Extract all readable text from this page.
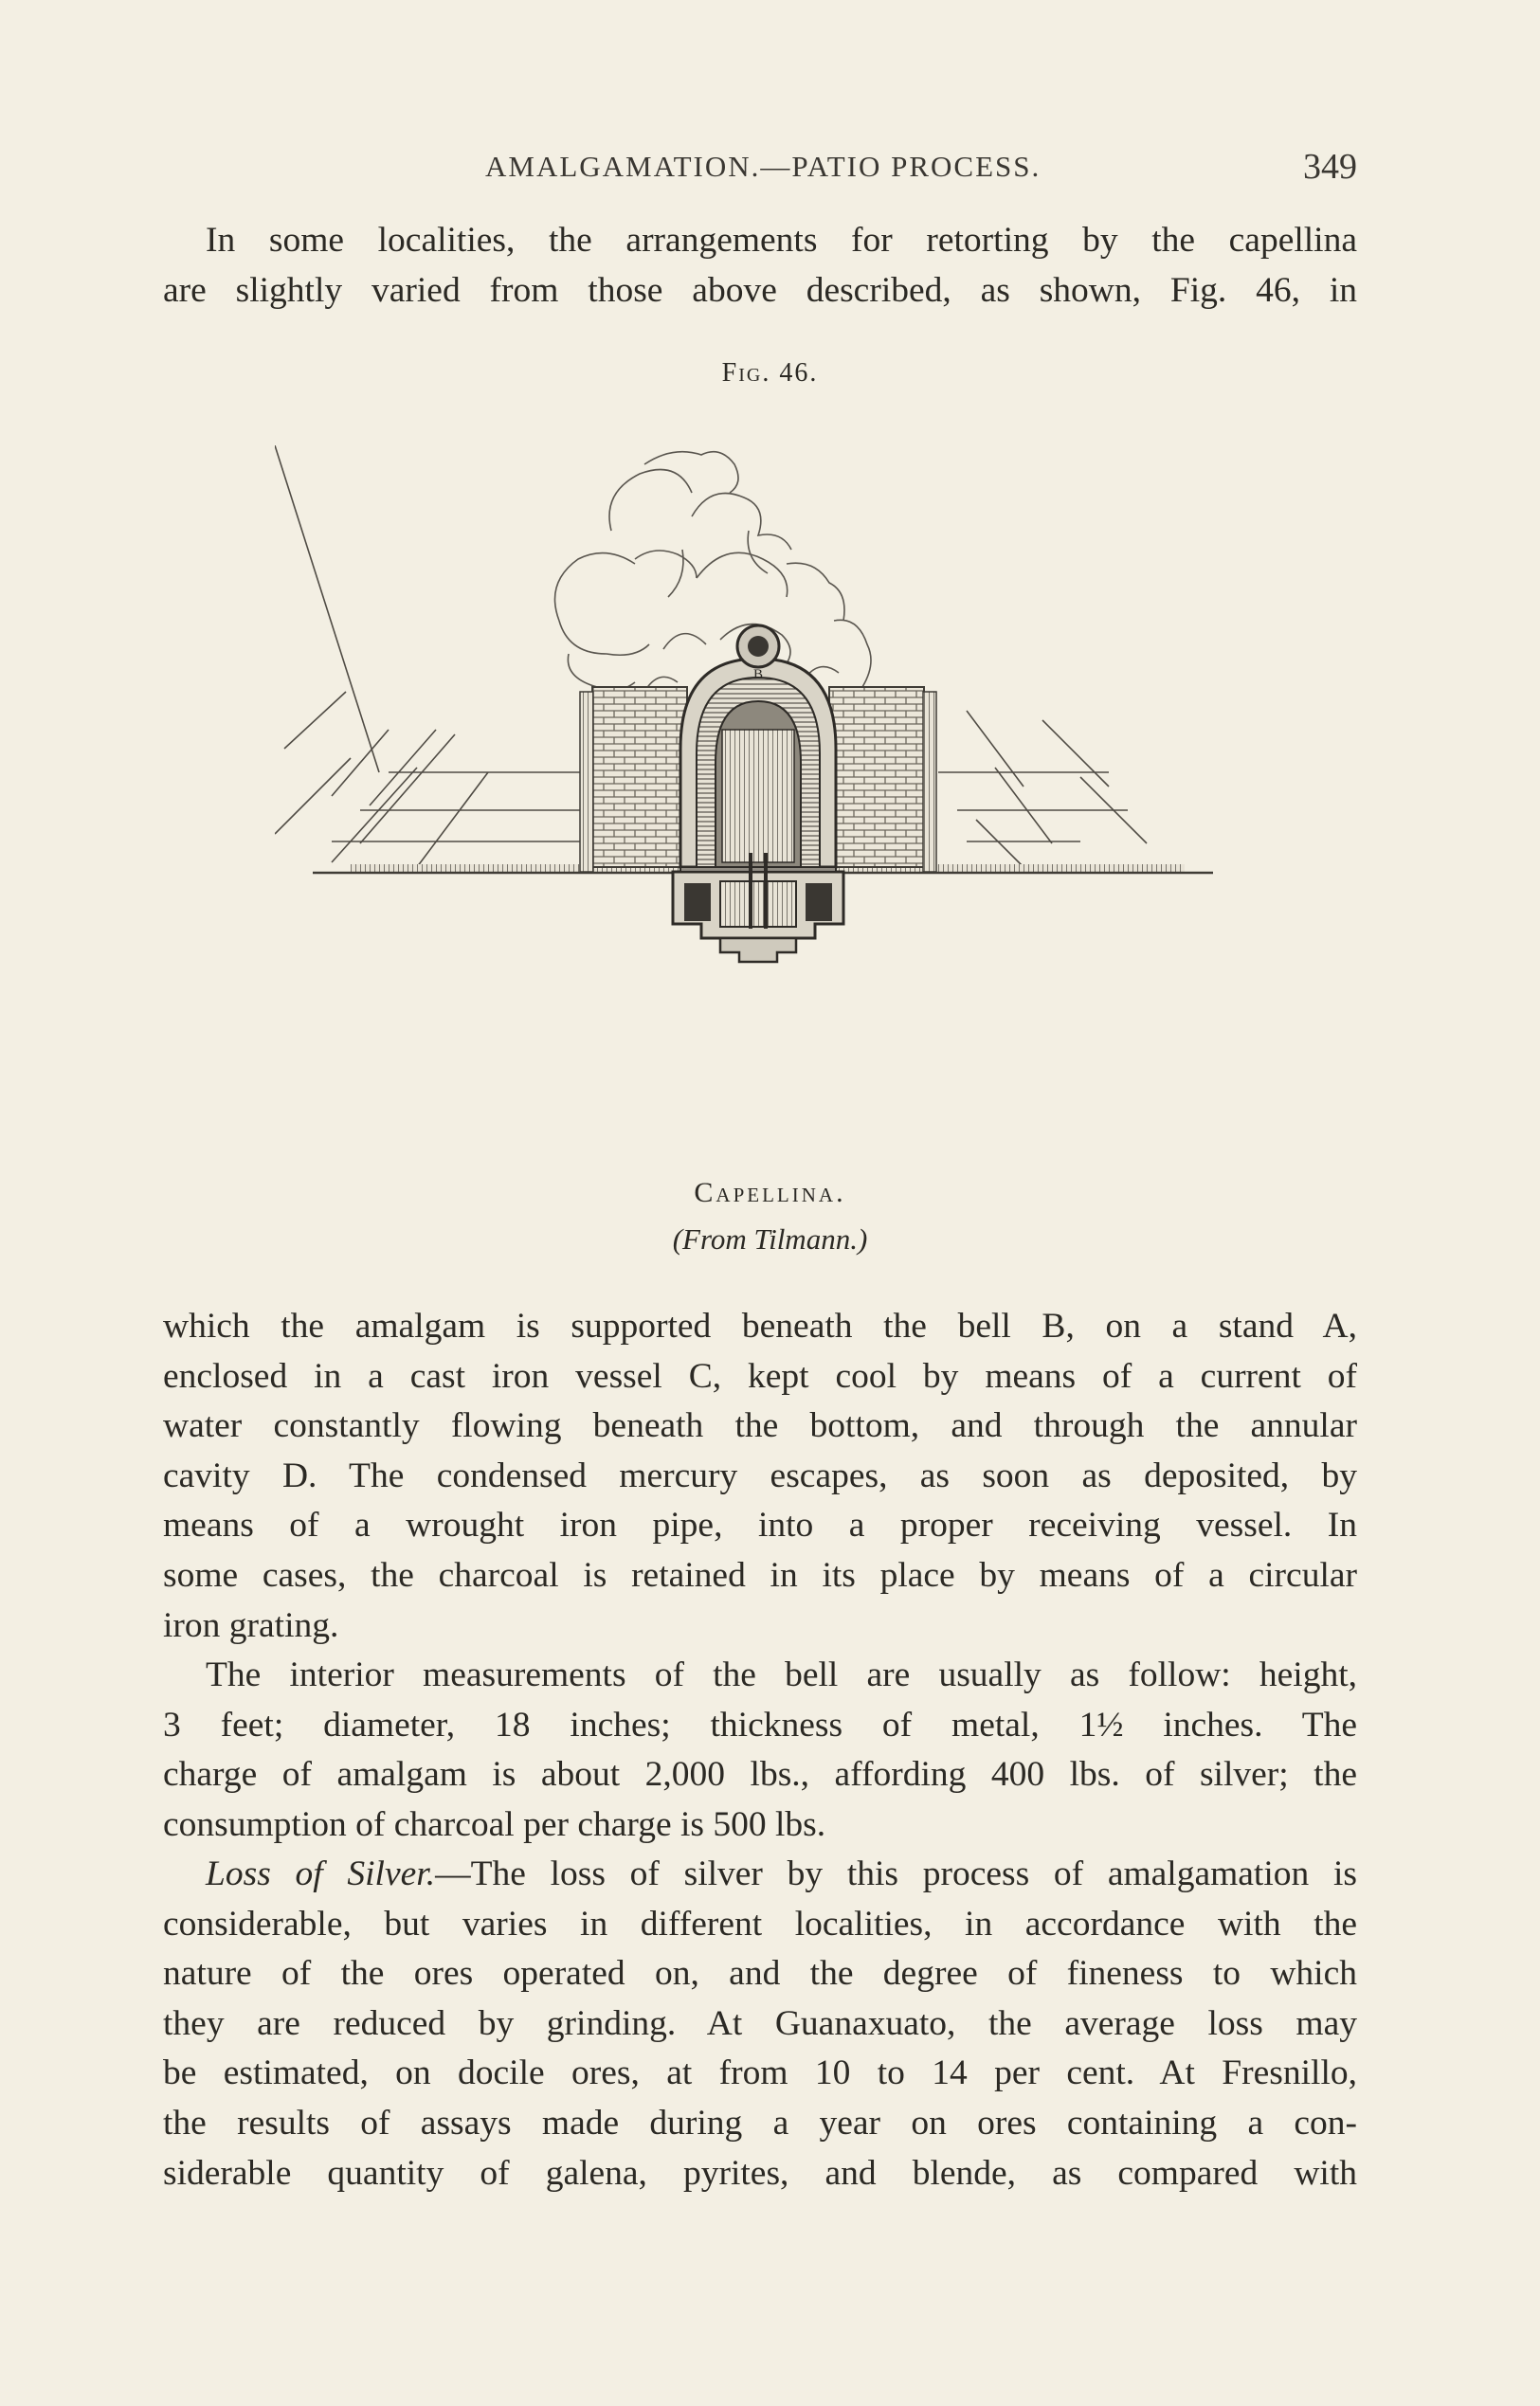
AMALGAMATION.—PATIO PROCESS.	349
In some localities, the arrangements for retorting by the capellina
are slightly varied from those above described, as shown, Fig. 46, in
Fig. 46.
B
Capellina.
(From Tilmann.)
which the amalgam is supported beneath the bell B, on a stand A,
enclosed in a cast iron vessel C, kept cool by means of a current of
water constantly flowing beneath the bottom, and through the annular
cavity D. The condensed mercury escapes, as soon as deposited, by
means of a wrought iron pipe, into a proper receiving vessel. In
some cases, the charcoal is retained in its place by means of a circular
iron grating.
The interior measurements of the bell are usually as follow: height,
3 feet; diameter, 18 inches; thickness of metal, 1½ inches. The
charge of amalgam is about 2,000 lbs., affording 400 lbs. of silver; the
consumption of charcoal per charge is 500 lbs.
Loss of Silver.—The loss of silver by this process of amalgamation is
considerable, but varies in different localities, in accordance with the
nature of the ores operated on, and the degree of fineness to which
they are reduced by grinding. At Guanaxuato, the average loss may
be estimated, on docile ores, at from 10 to 14 per cent. At Fresnillo,
the results of assays made during a year on ores containing a con-
siderable quantity of galena, pyrites, and blende, as compared with
